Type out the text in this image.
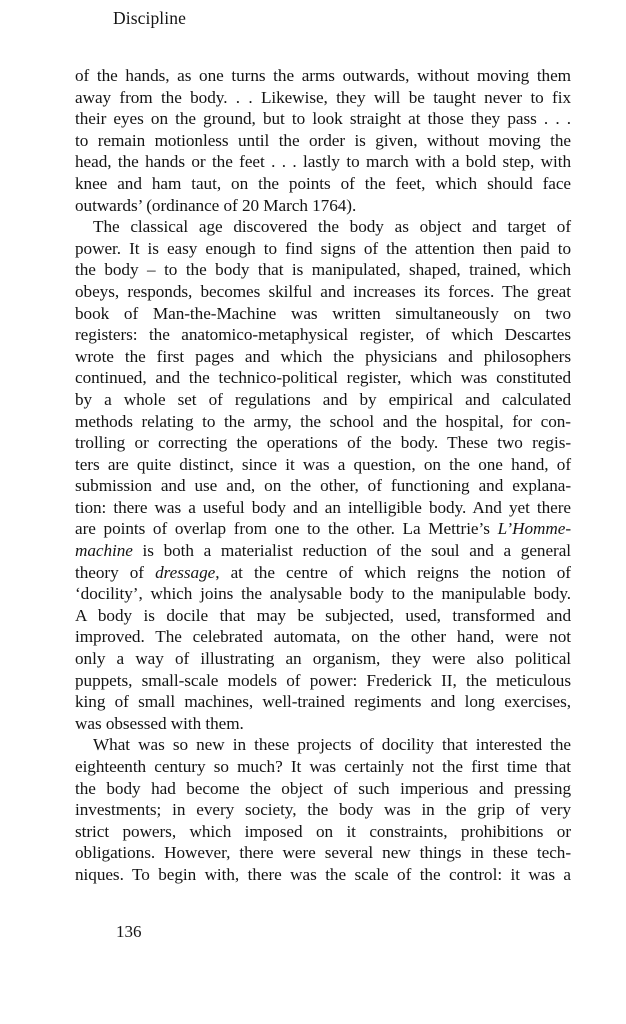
Discipline
of the hands, as one turns the arms outwards, without moving them
away from the body. . . Likewise, they will be taught never to fix
their eyes on the ground, but to look straight at those they pass . . .
to remain motionless until the order is given, without moving the
head, the hands or the feet . . . lastly to march with a bold step, with
knee and ham taut, on the points of the feet, which should face
outwards’ (ordinance of 20 March 1764).
The classical age discovered the body as object and target of
power. It is easy enough to find signs of the attention then paid to
the body – to the body that is manipulated, shaped, trained, which
obeys, responds, becomes skilful and increases its forces. The great
book of Man-the-Machine was written simultaneously on two
registers: the anatomico-metaphysical register, of which Descartes
wrote the first pages and which the physicians and philosophers
continued, and the technico-political register, which was constituted
by a whole set of regulations and by empirical and calculated
methods relating to the army, the school and the hospital, for con-
trolling or correcting the operations of the body. These two regis-
ters are quite distinct, since it was a question, on the one hand, of
submission and use and, on the other, of functioning and explana-
tion: there was a useful body and an intelligible body. And yet there
are points of overlap from one to the other. La Mettrie’s L’Homme-
machine is both a materialist reduction of the soul and a general
theory of dressage, at the centre of which reigns the notion of
‘docility’, which joins the analysable body to the manipulable body.
A body is docile that may be subjected, used, transformed and
improved. The celebrated automata, on the other hand, were not
only a way of illustrating an organism, they were also political
puppets, small-scale models of power: Frederick II, the meticulous
king of small machines, well-trained regiments and long exercises,
was obsessed with them.
What was so new in these projects of docility that interested the
eighteenth century so much? It was certainly not the first time that
the body had become the object of such imperious and pressing
investments; in every society, the body was in the grip of very
strict powers, which imposed on it constraints, prohibitions or
obligations. However, there were several new things in these tech-
niques. To begin with, there was the scale of the control: it was a
136
